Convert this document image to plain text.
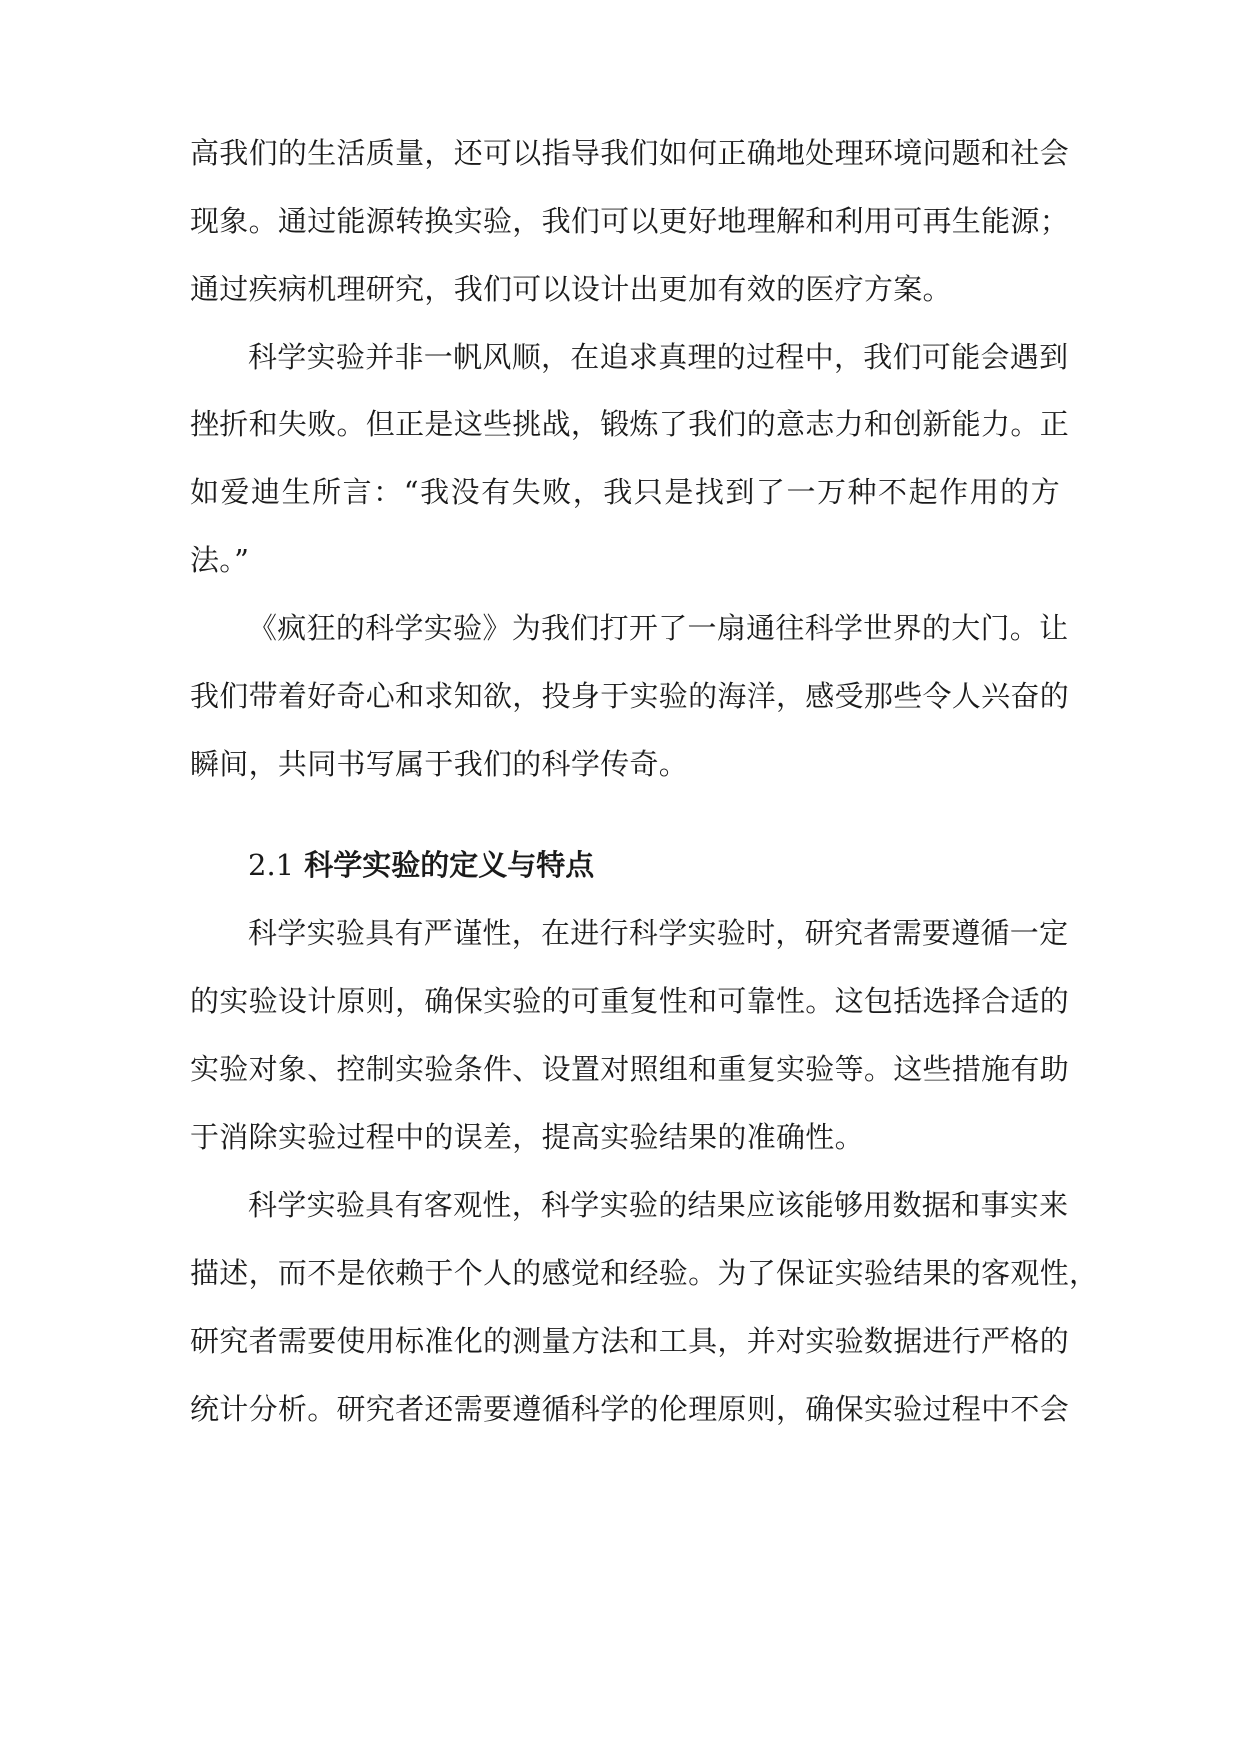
高我们的生活质量，还可以指导我们如何正确地处理环境问题和社会
现象。通过能源转换实验，我们可以更好地理解和利用可再生能源；
通过疾病机理研究，我们可以设计出更加有效的医疗方案。
科学实验并非一帆风顺，在追求真理的过程中，我们可能会遇到
挫折和失败。但正是这些挑战，锻炼了我们的意志力和创新能力。正
如爱迪生所言：“我没有失败，我只是找到了一万种不起作用的方
法。”
《疯狂的科学实验》为我们打开了一扇通往科学世界的大门。让
我们带着好奇心和求知欲，投身于实验的海洋，感受那些令人兴奋的
瞬间，共同书写属于我们的科学传奇。
2.1 科学实验的定义与特点
科学实验具有严谨性，在进行科学实验时，研究者需要遵循一定
的实验设计原则，确保实验的可重复性和可靠性。这包括选择合适的
实验对象、控制实验条件、设置对照组和重复实验等。这些措施有助
于消除实验过程中的误差，提高实验结果的准确性。
科学实验具有客观性，科学实验的结果应该能够用数据和事实来
描述，而不是依赖于个人的感觉和经验。为了保证实验结果的客观性，
研究者需要使用标准化的测量方法和工具，并对实验数据进行严格的
统计分析。研究者还需要遵循科学的伦理原则，确保实验过程中不会
